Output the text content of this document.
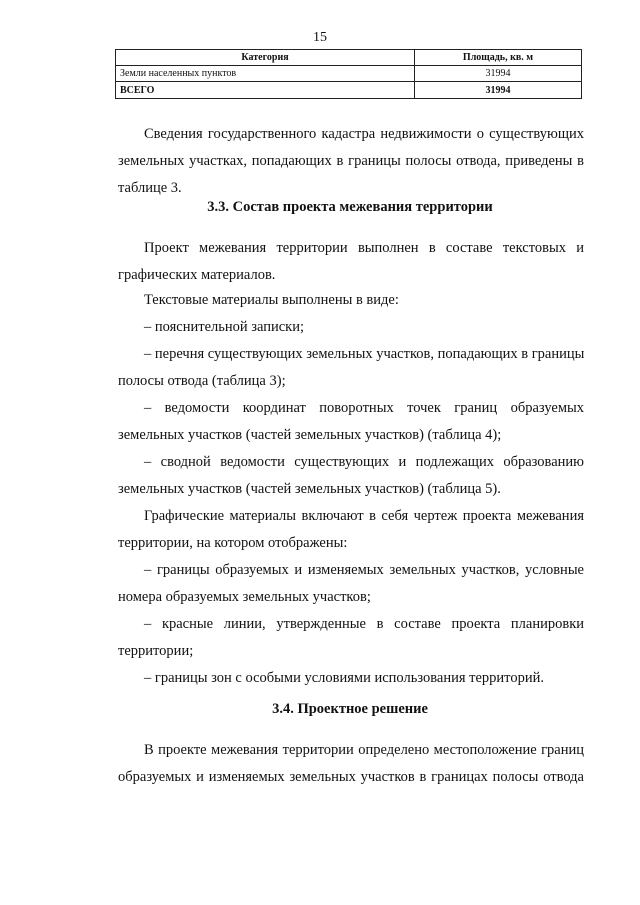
15
Категория	Площадь, кв. м
Земли населенных пунктов	31994
ВСЕГО	31994
Сведения государственного кадастра недвижимости о существующих
земельных участках, попадающих в границы полосы отвода, приведены в
таблице 3.
3.3. Состав проекта межевания территории
Проект межевания территории выполнен в составе текстовых и
графических материалов.
Текстовые материалы выполнены в виде:
– пояснительной записки;
– перечня существующих земельных участков, попадающих в границы
полосы отвода (таблица 3);
– ведомости координат поворотных точек границ образуемых
земельных участков (частей земельных участков) (таблица 4);
– сводной ведомости существующих и подлежащих образованию
земельных участков (частей земельных участков) (таблица 5).
Графические материалы включают в себя чертеж проекта межевания
территории, на котором отображены:
– границы образуемых и изменяемых земельных участков, условные
номера образуемых земельных участков;
– красные линии, утвержденные в составе проекта планировки
территории;
– границы зон с особыми условиями использования территорий.
3.4. Проектное решение
В проекте межевания территории определено местоположение границ
образуемых и изменяемых земельных участков в границах полосы отвода
